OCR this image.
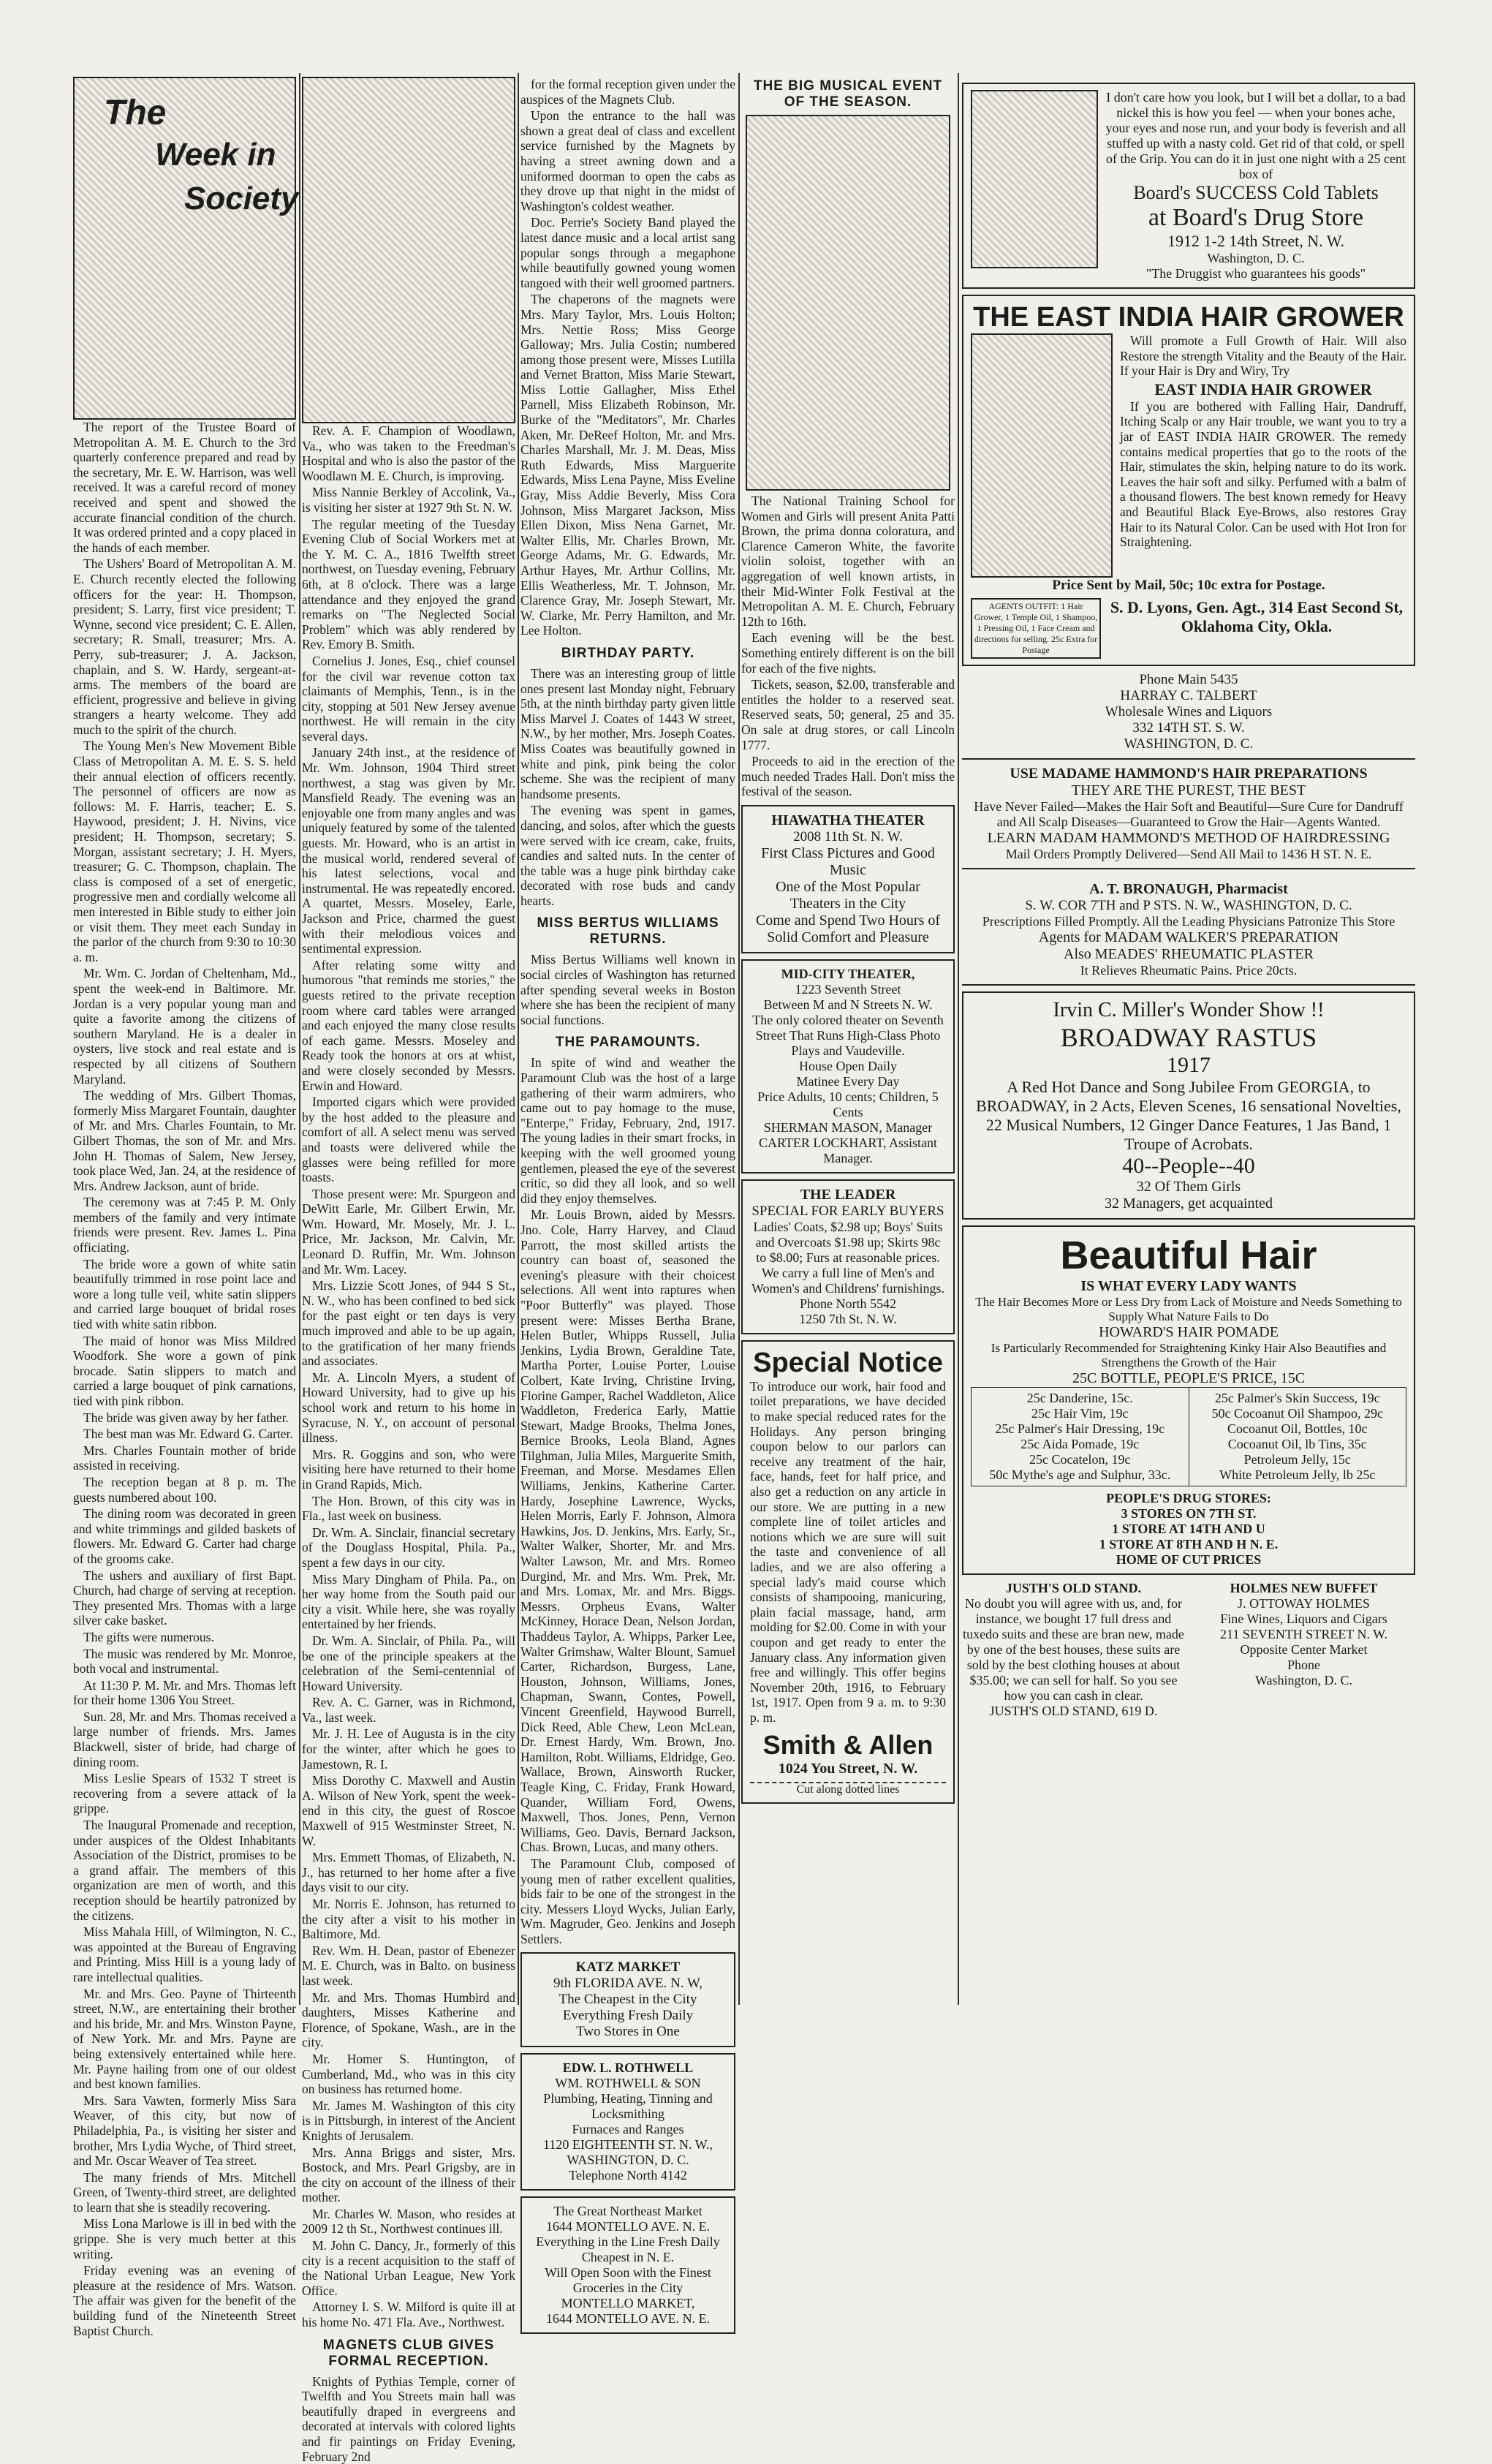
The
Week in
Society

The report of the Trustee Board of Metropolitan A. M. E. Church to the 3rd quarterly conference prepared and read by the secretary, Mr. E. W. Harrison, was well received. It was a careful record of money received and spent and showed the accurate financial condition of the church. It was ordered printed and a copy placed in the hands of each member.

The Ushers' Board of Metropolitan A. M. E. Church recently elected the following officers for the year: H. Thompson, president; S. Larry, first vice president; T. Wynne, second vice president; C. E. Allen, secretary; R. Small, treasurer; Mrs. A. Perry, sub-treasurer; J. A. Jackson, chaplain, and S. W. Hardy, sergeant-at-arms. The members of the board are efficient, progressive and believe in giving strangers a hearty welcome. They add much to the spirit of the church.

The Young Men's New Movement Bible Class of Metropolitan A. M. E. S. S. held their annual election of officers recently. The personnel of officers are now as follows: M. F. Harris, teacher; E. S. Haywood, president; J. H. Nivins, vice president; H. Thompson, secretary; S. Morgan, assistant secretary; J. H. Myers, treasurer; G. C. Thompson, chaplain. The class is composed of a set of energetic, progressive men and cordially welcome all men interested in Bible study to either join or visit them. They meet each Sunday in the parlor of the church from 9:30 to 10:30 a. m.

Mr. Wm. C. Jordan of Cheltenham, Md., spent the week-end in Baltimore. Mr. Jordan is a very popular young man and quite a favorite among the citizens of southern Maryland. He is a dealer in oysters, live stock and real estate and is respected by all citizens of Southern Maryland.

The wedding of Mrs. Gilbert Thomas, formerly Miss Margaret Fountain, daughter of Mr. and Mrs. Charles Fountain, to Mr. Gilbert Thomas, the son of Mr. and Mrs. John H. Thomas of Salem, New Jersey, took place Wed, Jan. 24, at the residence of Mrs. Andrew Jackson, aunt of bride.

The ceremony was at 7:45 P. M. Only members of the family and very intimate friends were present. Rev. James L. Pina officiating.

The bride wore a gown of white satin beautifully trimmed in rose point lace and wore a long tulle veil, white satin slippers and carried large bouquet of bridal roses tied with white satin ribbon.

The maid of honor was Miss Mildred Woodfork. She wore a gown of pink brocade. Satin slippers to match and carried a large bouquet of pink carnations, tied with pink ribbon.

The bride was given away by her father.

The best man was Mr. Edward G. Carter.

Mrs. Charles Fountain mother of bride assisted in receiving.

The reception began at 8 p. m. The guests numbered about 100.

The dining room was decorated in green and white trimmings and gilded baskets of flowers. Mr. Edward G. Carter had charge of the grooms cake.

The ushers and auxiliary of first Bapt. Church, had charge of serving at reception. They presented Mrs. Thomas with a large silver cake basket.

The gifts were numerous.

The music was rendered by Mr. Monroe, both vocal and instrumental.

At 11:30 P. M. Mr. and Mrs. Thomas left for their home 1306 You Street.

Sun. 28, Mr. and Mrs. Thomas received a large number of friends. Mrs. James Blackwell, sister of bride, had charge of dining room.

Miss Leslie Spears of 1532 T street is recovering from a severe attack of la grippe.

The Inaugural Promenade and reception, under auspices of the Oldest Inhabitants Association of the District, promises to be a grand affair. The members of this organization are men of worth, and this reception should be heartily patronized by the citizens.

Miss Mahala Hill, of Wilmington, N. C., was appointed at the Bureau of Engraving and Printing. Miss Hill is a young lady of rare intellectual qualities.

Mr. and Mrs. Geo. Payne of Thirteenth street, N.W., are entertaining their brother and his bride, Mr. and Mrs. Winston Payne, of New York. Mr. and Mrs. Payne are being extensively entertained while here. Mr. Payne hailing from one of our oldest and best known families.

Mrs. Sara Vawten, formerly Miss Sara Weaver, of this city, but now of Philadelphia, Pa., is visiting her sister and brother, Mrs Lydia Wyche, of Third street, and Mr. Oscar Weaver of Tea street.

The many friends of Mrs. Mitchell Green, of Twenty-third street, are delighted to learn that she is steadily recovering.

Miss Lona Marlowe is ill in bed with the grippe. She is very much better at this writing.

Friday evening was an evening of pleasure at the residence of Mrs. Watson. The affair was given for the benefit of the building fund of the Nineteenth Street Baptist Church.

Rev. A. F. Champion of Woodlawn, Va., who was taken to the Freedman's Hospital and who is also the pastor of the Woodlawn M. E. Church, is improving.

Miss Nannie Berkley of Accolink, Va., is visiting her sister at 1927 9th St. N. W.

The regular meeting of the Tuesday Evening Club of Social Workers met at the Y. M. C. A., 1816 Twelfth street northwest, on Tuesday evening, February 6th, at 8 o'clock. There was a large attendance and they enjoyed the grand remarks on "The Neglected Social Problem" which was ably rendered by Rev. Emory B. Smith.

Cornelius J. Jones, Esq., chief counsel for the civil war revenue cotton tax claimants of Memphis, Tenn., is in the city, stopping at 501 New Jersey avenue northwest. He will remain in the city several days.

January 24th inst., at the residence of Mr. Wm. Johnson, 1904 Third street northwest, a stag was given by Mr. Mansfield Ready. The evening was an enjoyable one from many angles and was uniquely featured by some of the talented guests. Mr. Howard, who is an artist in the musical world, rendered several of his latest selections, vocal and instrumental. He was repeatedly encored. A quartet, Messrs. Moseley, Earle, Jackson and Price, charmed the guest with their melodious voices and sentimental expression.

After relating some witty and humorous "that reminds me stories," the guests retired to the private reception room where card tables were arranged and each enjoyed the many close results of each game. Messrs. Moseley and Ready took the honors at ors at whist, and were closely seconded by Messrs. Erwin and Howard.

Imported cigars which were provided by the host added to the pleasure and comfort of all. A select menu was served and toasts were delivered while the glasses were being refilled for more toasts.

Those present were: Mr. Spurgeon and DeWitt Earle, Mr. Gilbert Erwin, Mr. Wm. Howard, Mr. Mosely, Mr. J. L. Price, Mr. Jackson, Mr. Calvin, Mr. Leonard D. Ruffin, Mr. Wm. Johnson and Mr. Wm. Lacey.

Mrs. Lizzie Scott Jones, of 944 S St., N. W., who has been confined to bed sick for the past eight or ten days is very much improved and able to be up again, to the gratification of her many friends and associates.

Mr. A. Lincoln Myers, a student of Howard University, had to give up his school work and return to his home in Syracuse, N. Y., on account of personal illness.

Mrs. R. Goggins and son, who were visiting here have returned to their home in Grand Rapids, Mich.

The Hon. Brown, of this city was in Fla., last week on business.

Dr. Wm. A. Sinclair, financial secretary of the Douglass Hospital, Phila. Pa., spent a few days in our city.

Miss Mary Dingham of Phila. Pa., on her way home from the South paid our city a visit. While here, she was royally entertained by her friends.

Dr. Wm. A. Sinclair, of Phila. Pa., will be one of the principle speakers at the celebration of the Semi-centennial of Howard University.

Rev. A. C. Garner, was in Richmond, Va., last week.

Mr. J. H. Lee of Augusta is in the city for the winter, after which he goes to Jamestown, R. I.

Miss Dorothy C. Maxwell and Austin A. Wilson of New York, spent the week-end in this city, the guest of Roscoe Maxwell of 915 Westminster Street, N. W.

Mrs. Emmett Thomas, of Elizabeth, N. J., has returned to her home after a five days visit to our city.

Mr. Norris E. Johnson, has returned to the city after a visit to his mother in Baltimore, Md.

Rev. Wm. H. Dean, pastor of Ebenezer M. E. Church, was in Balto. on business last week.

Mr. and Mrs. Thomas Humbird and daughters, Misses Katherine and Florence, of Spokane, Wash., are in the city.

Mr. Homer S. Huntington, of Cumberland, Md., who was in this city on business has returned home.

Mr. James M. Washington of this city is in Pittsburgh, in interest of the Ancient Knights of Jerusalem.

Mrs. Anna Briggs and sister, Mrs. Bostock, and Mrs. Pearl Grigsby, are in the city on account of the illness of their mother.

Mr. Charles W. Mason, who resides at 2009 12 th St., Northwest continues ill.

M. John C. Dancy, Jr., formerly of this city is a recent acquisition to the staff of the National Urban League, New York Office.

Attorney I. S. W. Milford is quite ill at his home No. 471 Fla. Ave., Northwest.

MAGNETS CLUB GIVES FORMAL RECEPTION.

Knights of Pythias Temple, corner of Twelfth and You Streets main hall was beautifully draped in evergreens and decorated at intervals with colored lights and fir paintings on Friday Evening, February 2nd

for the formal reception given under the auspices of the Magnets Club.

Upon the entrance to the hall was shown a great deal of class and excellent service furnished by the Magnets by having a street awning down and a uniformed doorman to open the cabs as they drove up that night in the midst of Washington's coldest weather.

Doc. Perrie's Society Band played the latest dance music and a local artist sang popular songs through a megaphone while beautifully gowned young women tangoed with their well groomed partners.

The chaperons of the magnets were Mrs. Mary Taylor, Mrs. Louis Holton; Mrs. Nettie Ross; Miss George Galloway; Mrs. Julia Costin; numbered among those present were, Misses Lutilla and Vernet Bratton, Miss Marie Stewart, Miss Lottie Gallagher, Miss Ethel Parnell, Miss Elizabeth Robinson, Mr. Burke of the "Meditators", Mr. Charles Aken, Mr. DeReef Holton, Mr. and Mrs. Charles Marshall, Mr. J. M. Deas, Miss Ruth Edwards, Miss Marguerite Edwards, Miss Lena Payne, Miss Eveline Gray, Miss Addie Beverly, Miss Cora Johnson, Miss Margaret Jackson, Miss Ellen Dixon, Miss Nena Garnet, Mr. Walter Ellis, Mr. Charles Brown, Mr. George Adams, Mr. G. Edwards, Mr. Arthur Hayes, Mr. Arthur Collins, Mr. Ellis Weatherless, Mr. T. Johnson, Mr. Clarence Gray, Mr. Joseph Stewart, Mr. W. Clarke, Mr. Perry Hamilton, and Mr. Lee Holton.

BIRTHDAY PARTY.

There was an interesting group of little ones present last Monday night, February 5th, at the ninth birthday party given little Miss Marvel J. Coates of 1443 W street, N.W., by her mother, Mrs. Joseph Coates. Miss Coates was beautifully gowned in white and pink, pink being the color scheme. She was the recipient of many handsome presents.

The evening was spent in games, dancing, and solos, after which the guests were served with ice cream, cake, fruits, candies and salted nuts. In the center of the table was a huge pink birthday cake decorated with rose buds and candy hearts.

MISS BERTUS WILLIAMS RETURNS.

Miss Bertus Williams well known in social circles of Washington has returned after spending several weeks in Boston where she has been the recipient of many social functions.

THE PARAMOUNTS.

In spite of wind and weather the Paramount Club was the host of a large gathering of their warm admirers, who came out to pay homage to the muse, "Enterpe," Friday, February, 2nd, 1917. The young ladies in their smart frocks, in keeping with the well groomed young gentlemen, pleased the eye of the severest critic, so did they all look, and so well did they enjoy themselves.

Mr. Louis Brown, aided by Messrs. Jno. Cole, Harry Harvey, and Claud Parrott, the most skilled artists the country can boast of, seasoned the evening's pleasure with their choicest selections. All went into raptures when "Poor Butterfly" was played. Those present were: Misses Bertha Brane, Helen Butler, Whipps Russell, Julia Jenkins, Lydia Brown, Geraldine Tate, Martha Porter, Louise Porter, Louise Colbert, Kate Irving, Christine Irving, Florine Gamper, Rachel Waddleton, Alice Waddleton, Frederica Early, Mattie Stewart, Madge Brooks, Thelma Jones, Bernice Brooks, Leola Bland, Agnes Tilghman, Julia Miles, Marguerite Smith, Freeman, and Morse. Mesdames Ellen Williams, Jenkins, Katherine Carter. Hardy, Josephine Lawrence, Wycks, Helen Morris, Early F. Johnson, Almora Hawkins, Jos. D. Jenkins, Mrs. Early, Sr., Walter Walker, Shorter, Mr. and Mrs. Walter Lawson, Mr. and Mrs. Romeo Durgind, Mr. and Mrs. Wm. Prek, Mr. and Mrs. Lomax, Mr. and Mrs. Biggs. Messrs. Orpheus Evans, Walter McKinney, Horace Dean, Nelson Jordan, Thaddeus Taylor, A. Whipps, Parker Lee, Walter Grimshaw, Walter Blount, Samuel Carter, Richardson, Burgess, Lane, Houston, Johnson, Williams, Jones, Chapman, Swann, Contes, Powell, Vincent Greenfield, Haywood Burrell, Dick Reed, Able Chew, Leon McLean, Dr. Ernest Hardy, Wm. Brown, Jno. Hamilton, Robt. Williams, Eldridge, Geo. Wallace, Brown, Ainsworth Rucker, Teagle King, C. Friday, Frank Howard, Quander, William Ford, Owens, Maxwell, Thos. Jones, Penn, Vernon Williams, Geo. Davis, Bernard Jackson, Chas. Brown, Lucas, and many others.

The Paramount Club, composed of young men of rather excellent qualities, bids fair to be one of the strongest in the city. Messers Lloyd Wycks, Julian Early, Wm. Magruder, Geo. Jenkins and Joseph Settlers.

KATZ MARKET
9th FLORIDA AVE. N. W,
The Cheapest in the City
Everything Fresh Daily
Two Stores in One
EDW. L. ROTHWELL
WM. ROTHWELL & SON
Plumbing, Heating, Tinning and Locksmithing
Furnaces and Ranges
1120 EIGHTEENTH ST. N. W.,
WASHINGTON, D. C.
Telephone North 4142
The Great Northeast Market
1644 MONTELLO AVE. N. E.
Everything in the Line Fresh Daily
Cheapest in N. E.
Will Open Soon with the Finest Groceries in the City
MONTELLO MARKET,
1644 MONTELLO AVE. N. E.
THE BIG MUSICAL EVENT OF THE SEASON.

The National Training School for Women and Girls will present Anita Patti Brown, the prima donna coloratura, and Clarence Cameron White, the favorite violin soloist, together with an aggregation of well known artists, in their Mid-Winter Folk Festival at the Metropolitan A. M. E. Church, February 12th to 16th.

Each evening will be the best. Something entirely different is on the bill for each of the five nights.

Tickets, season, $2.00, transferable and entitles the holder to a reserved seat. Reserved seats, 50; general, 25 and 35. On sale at drug stores, or call Lincoln 1777.

Proceeds to aid in the erection of the much needed Trades Hall. Don't miss the festival of the season.

HIAWATHA THEATER
2008 11th St. N. W.
First Class Pictures and Good Music
One of the Most Popular Theaters in the City
Come and Spend Two Hours of Solid Comfort and Pleasure
MID-CITY THEATER,
1223 Seventh Street
Between M and N Streets N. W.
The only colored theater on Seventh Street That Runs High-Class Photo Plays and Vaudeville.
House Open Daily
Matinee Every Day
Price Adults, 10 cents; Children, 5 Cents
SHERMAN MASON, Manager
CARTER LOCKHART, Assistant Manager.
THE LEADER
SPECIAL FOR EARLY BUYERS
Ladies' Coats, $2.98 up; Boys' Suits and Overcoats $1.98 up; Skirts 98c to $8.00; Furs at reasonable prices.
We carry a full line of Men's and Women's and Childrens' furnishings.
Phone North 5542
1250 7th St. N. W.
Special Notice

To introduce our work, hair food and toilet preparations, we have decided to make special reduced rates for the Holidays. Any person bringing coupon below to our parlors can receive any treatment of the hair, face, hands, feet for half price, and also get a reduction on any article in our store. We are putting in a new complete line of toilet articles and notions which we are sure will suit the taste and convenience of all ladies, and we are also offering a special lady's maid course which consists of shampooing, manicuring, plain facial massage, hand, arm molding for $2.00. Come in with your coupon and get ready to enter the January class. Any information given free and willingly. This offer begins November 20th, 1916, to February 1st, 1917. Open from 9 a. m. to 9:30 p. m.

Smith & Allen
1024 You Street, N. W.
Cut along dotted lines
I don't care how you look, but I will bet a dollar, to a bad nickel this is how you feel — when your bones ache, your eyes and nose run, and your body is feverish and all stuffed up with a nasty cold. Get rid of that cold, or spell of the Grip. You can do it in just one night with a 25 cent box of
Board's SUCCESS Cold Tablets
at Board's Drug Store
1912 1-2 14th Street, N. W.
Washington, D. C.
"The Druggist who guarantees his goods"
THE EAST INDIA HAIR GROWER

Will promote a Full Growth of Hair. Will also Restore the strength Vitality and the Beauty of the Hair. If your Hair is Dry and Wiry, Try

EAST INDIA HAIR GROWER

If you are bothered with Falling Hair, Dandruff, Itching Scalp or any Hair trouble, we want you to try a jar of EAST INDIA HAIR GROWER. The remedy contains medical properties that go to the roots of the Hair, stimulates the skin, helping nature to do its work. Leaves the hair soft and silky. Perfumed with a balm of a thousand flowers. The best known remedy for Heavy and Beautiful Black Eye-Brows, also restores Gray Hair to its Natural Color. Can be used with Hot Iron for Straightening.

Price Sent by Mail, 50c; 10c extra for Postage.
AGENTS OUTFIT: 1 Hair Grower, 1 Temple Oil, 1 Shampoo, 1 Pressing Oil, 1 Face Cream and directions for selling. 25c Extra for Postage
S. D. Lyons, Gen. Agt., 314 East Second St, Oklahoma City, Okla.
Phone Main 5435
HARRAY C. TALBERT
Wholesale Wines and Liquors
332 14TH ST. S. W.
WASHINGTON, D. C.
USE MADAME HAMMOND'S HAIR PREPARATIONS
THEY ARE THE PUREST, THE BEST
Have Never Failed—Makes the Hair Soft and Beautiful—Sure Cure for Dandruff and All Scalp Diseases—Guaranteed to Grow the Hair—Agents Wanted.
LEARN MADAM HAMMOND'S METHOD OF HAIRDRESSING
Mail Orders Promptly Delivered—Send All Mail to 1436 H ST. N. E.
A. T. BRONAUGH, Pharmacist
S. W. COR 7TH and P STS. N. W., WASHINGTON, D. C.
Prescriptions Filled Promptly. All the Leading Physicians Patronize This Store
Agents for MADAM WALKER'S PREPARATION
Also MEADES' RHEUMATIC PLASTER
It Relieves Rheumatic Pains. Price 20cts.
Irvin C. Miller's Wonder Show !!
BROADWAY RASTUS
1917
A Red Hot Dance and Song Jubilee From GEORGIA, to BROADWAY, in 2 Acts, Eleven Scenes, 16 sensational Novelties, 22 Musical Numbers, 12 Ginger Dance Features, 1 Jas Band, 1 Troupe of Acrobats.
40--People--40
32 Of Them Girls
32 Managers, get acquainted
Beautiful Hair
IS WHAT EVERY LADY WANTS
The Hair Becomes More or Less Dry from Lack of Moisture and Needs Something to Supply What Nature Fails to Do
HOWARD'S HAIR POMADE
Is Particularly Recommended for Straightening Kinky Hair Also Beautifies and Strengthens the Growth of the Hair
25C BOTTLE, PEOPLE'S PRICE, 15C
25c Danderine, 15c.
25c Hair Vim, 19c
25c Palmer's Hair Dressing, 19c
25c Aida Pomade, 19c
25c Cocatelon, 19c
50c Mythe's age and Sulphur, 33c.
25c Palmer's Skin Success, 19c
50c Cocoanut Oil Shampoo, 29c
Cocoanut Oil, Bottles, 10c
Cocoanut Oil, lb Tins, 35c
Petroleum Jelly, 15c
White Petroleum Jelly, lb 25c
PEOPLE'S DRUG STORES:
3 STORES ON 7TH ST.
1 STORE AT 14TH AND U
1 STORE AT 8TH AND H N. E.
HOME OF CUT PRICES
JUSTH'S OLD STAND.
No doubt you will agree with us, and, for instance, we bought 17 full dress and tuxedo suits and these are bran new, made by one of the best houses, these suits are sold by the best clothing houses at about $35.00; we can sell for half. So you see how you can cash in clear.
JUSTH'S OLD STAND, 619 D.
HOLMES NEW BUFFET
J. OTTOWAY HOLMES
Fine Wines, Liquors and Cigars
211 SEVENTH STREET N. W.
Opposite Center Market
Phone
Washington, D. C.
